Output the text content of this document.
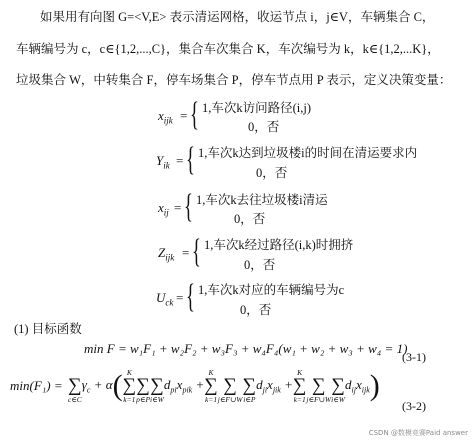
如果用有向图 G=<V,E> 表示清运网格，收运节点 i，j∈V，车辆集合 C，
车辆编号为 c，c∈{1,2,...,C}，集合车次集合 K，车次编号为 k，k∈{1,2,...K}，
垃圾集合 W，中转集合 F，停车场集合 P，停车节点用 P 表示，定义决策变量：
$x_{ijk}$ = { 1,车次k访问路径(i,j)
0，否
$Y_{ik}$ = { 1,车次k达到垃圾楼i的时间在清运要求内
0，否
$x_{ij}$ = { 1,车次k去往垃圾楼i清运
0，否
$Z_{ijk}$ = { 1,车次k经过路径(i,k)时拥挤
0，否
$U_{ck}$ = { 1,车次k对应的车辆编号为c
0，否
(1) 目标函数
min F = w₁F₁ + w₂F₂ + w₃F₃ + w₄F₄(w₁ + w₂ + w₃ + w₄ = 1)
(3-1)
min(F₁) =
∑
c∈C
$\gamma_c + \alpha$( K
∑
k=1

∑
p∈P

∑
i∈W
$d_{pi}x_{pik}$ +
K
∑
k=1

∑
j∈F∪W

∑
i∈P
$d_{ji}x_{jik}$ +
K
∑
k=1

∑
j∈F∪W

∑
i∈W
$d_{ij}x_{ijk}$)
(3-2)
CSDN @数模竞赛Paid answer
